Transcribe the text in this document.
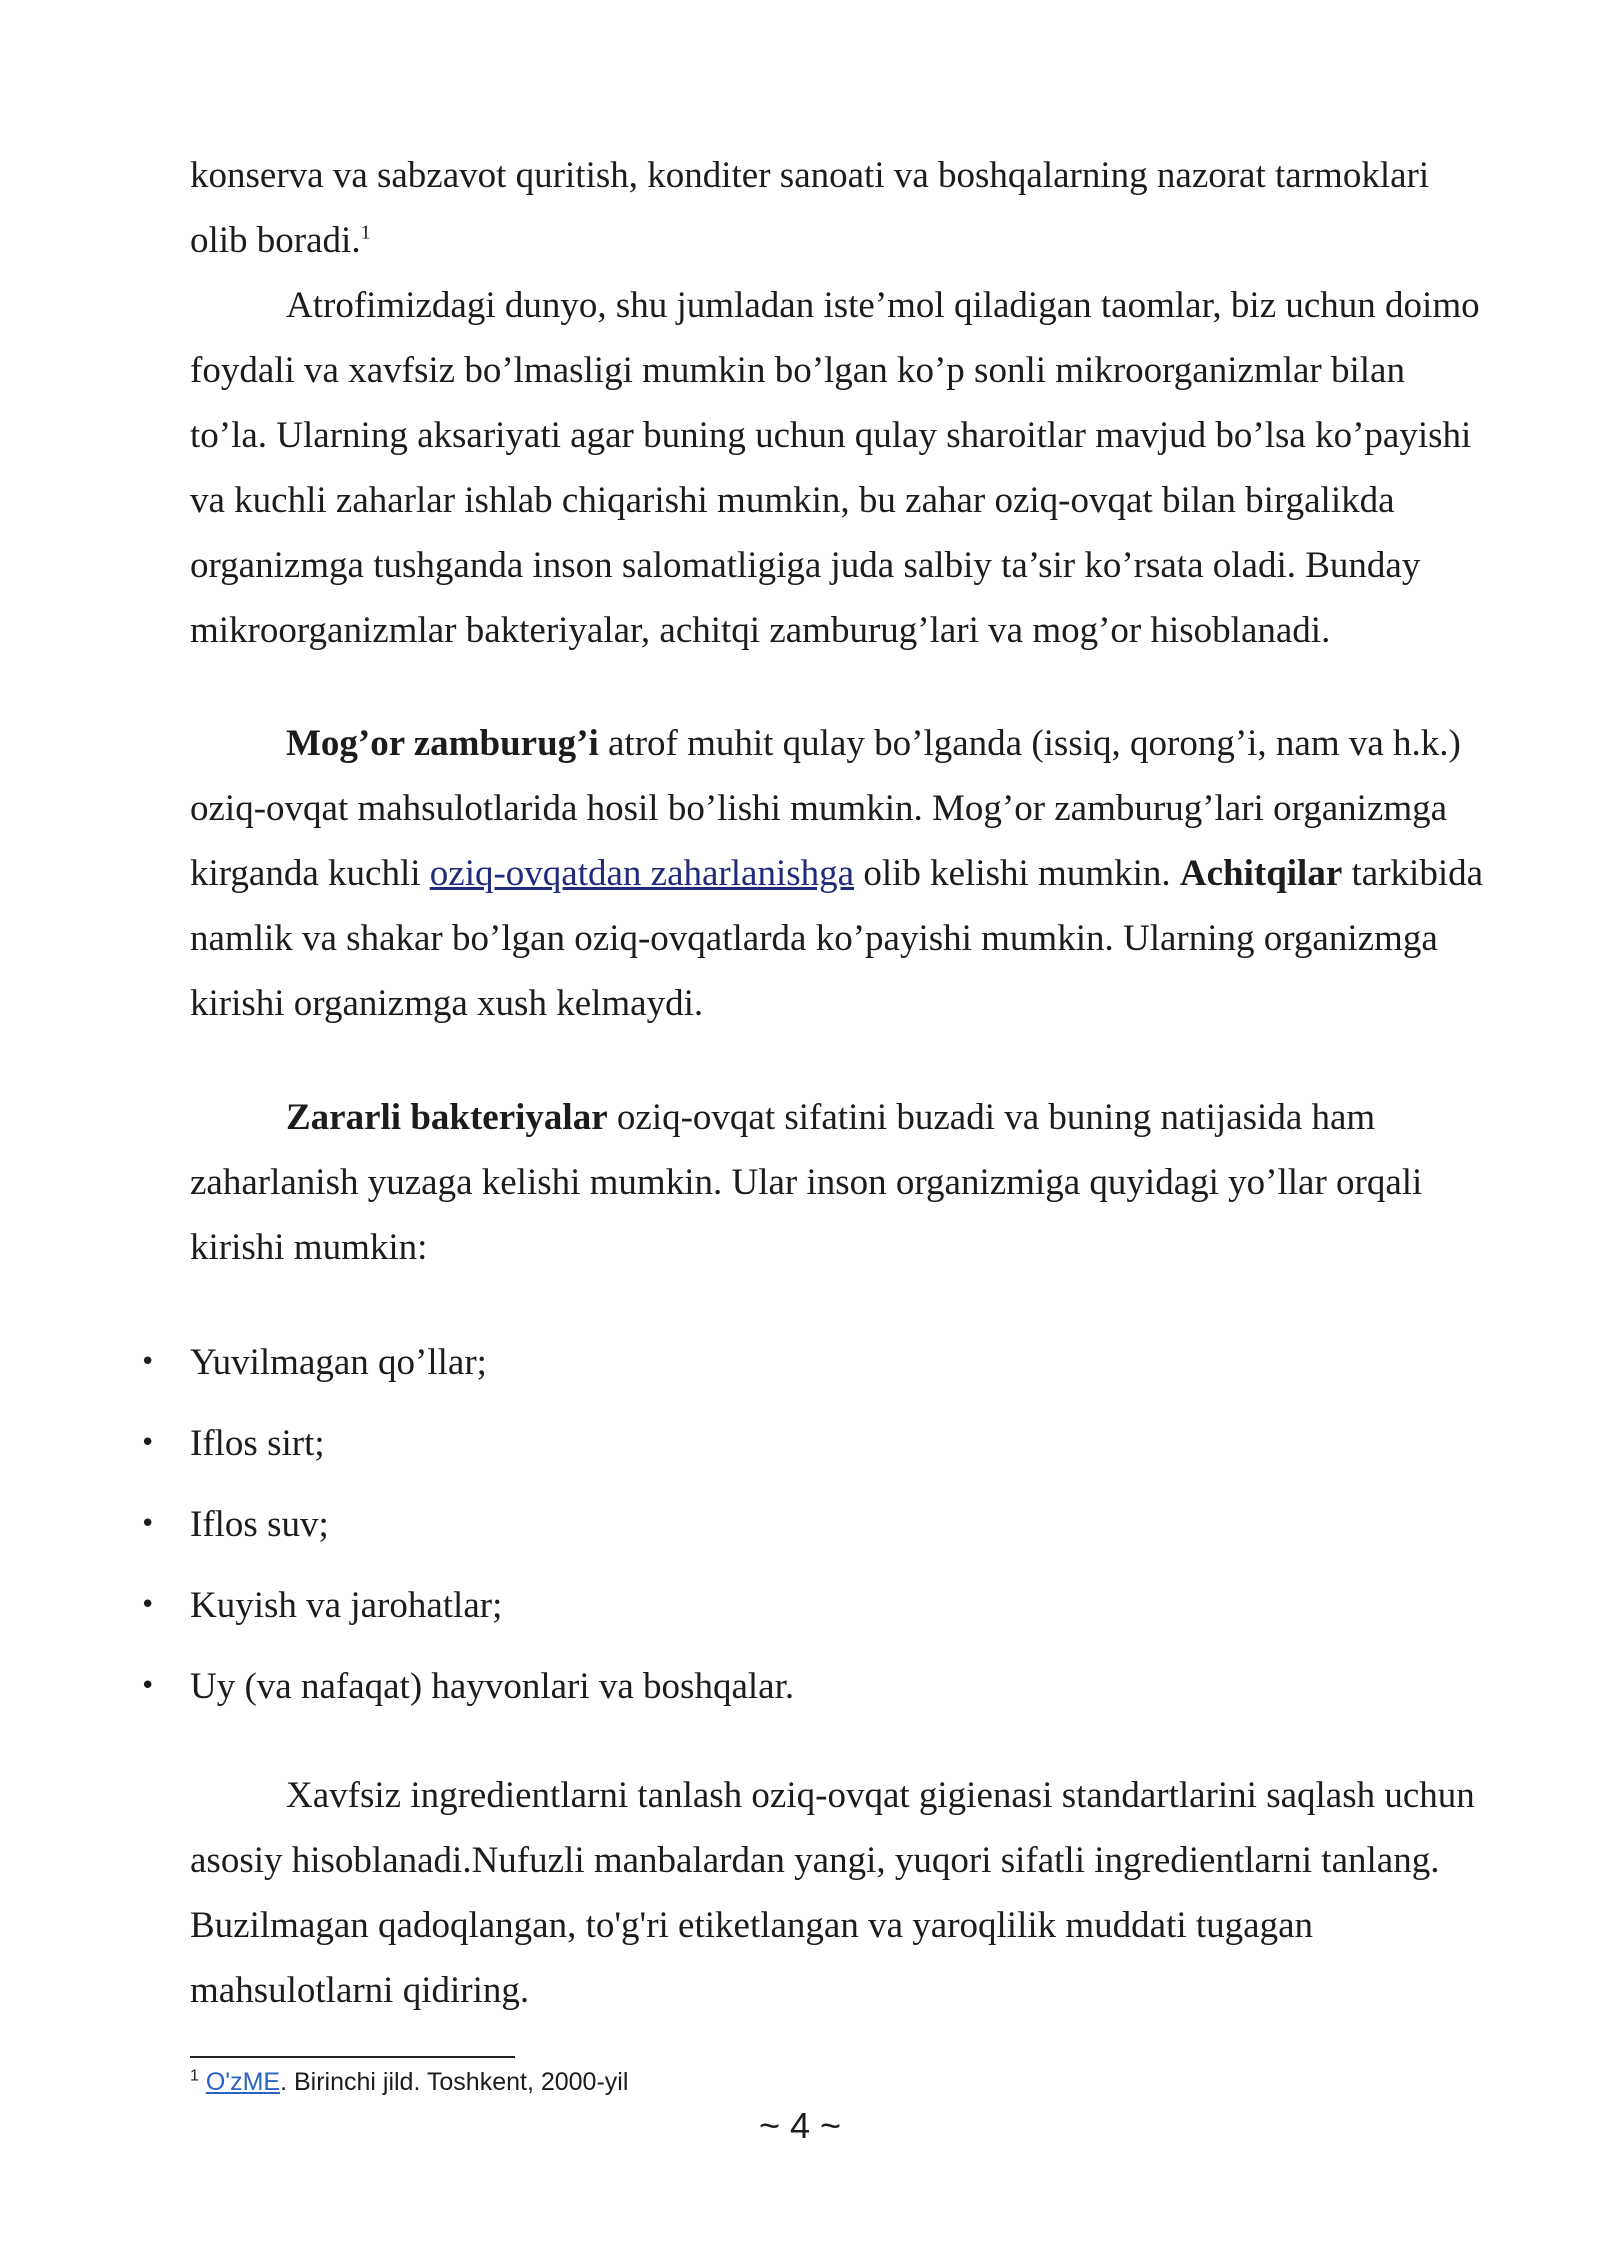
konserva va sabzavot quritish, konditer sanoati va boshqalarning nazorat tarmoklari olib boradi.$^1$

Atrofimizdagi dunyo, shu jumladan iste’mol qiladigan taomlar, biz uchun doimo foydali va xavfsiz bo’lmasligi mumkin bo’lgan ko’p sonli mikroorganizmlar bilan to’la. Ularning aksariyati agar buning uchun qulay sharoitlar mavjud bo’lsa ko’payishi va kuchli zaharlar ishlab chiqarishi mumkin, bu zahar oziq-ovqat bilan birgalikda organizmga tushganda inson salomatligiga juda salbiy ta’sir ko’rsata oladi. Bunday mikroorganizmlar bakteriyalar, achitqi zamburug’lari va mog’or hisoblanadi.

Mog’or zamburug’i atrof muhit qulay bo’lganda (issiq, qorong’i, nam va h.k.) oziq-ovqat mahsulotlarida hosil bo’lishi mumkin. Mog’or zamburug’lari organizmga kirganda kuchli oziq-ovqatdan zaharlanishga olib kelishi mumkin. Achitqilar tarkibida namlik va shakar bo’lgan oziq-ovqatlarda ko’payishi mumkin. Ularning organizmga kirishi organizmga xush kelmaydi.

Zararli bakteriyalar oziq-ovqat sifatini buzadi va buning natijasida ham zaharlanish yuzaga kelishi mumkin. Ular inson organizmiga quyidagi yo’llar orqali kirishi mumkin:

• Yuvilmagan qo’llar;
• Iflos sirt;
• Iflos suv;
• Kuyish va jarohatlar;
• Uy (va nafaqat) hayvonlari va boshqalar.

Xavfsiz ingredientlarni tanlash oziq-ovqat gigienasi standartlarini saqlash uchun asosiy hisoblanadi.Nufuzli manbalardan yangi, yuqori sifatli ingredientlarni tanlang. Buzilmagan qadoqlangan, to'g'ri etiketlangan va yaroqlilik muddati tugagan mahsulotlarni qidiring.

$^1$ O'zME. Birinchi jild. Toshkent, 2000-yil
~ 4 ~
